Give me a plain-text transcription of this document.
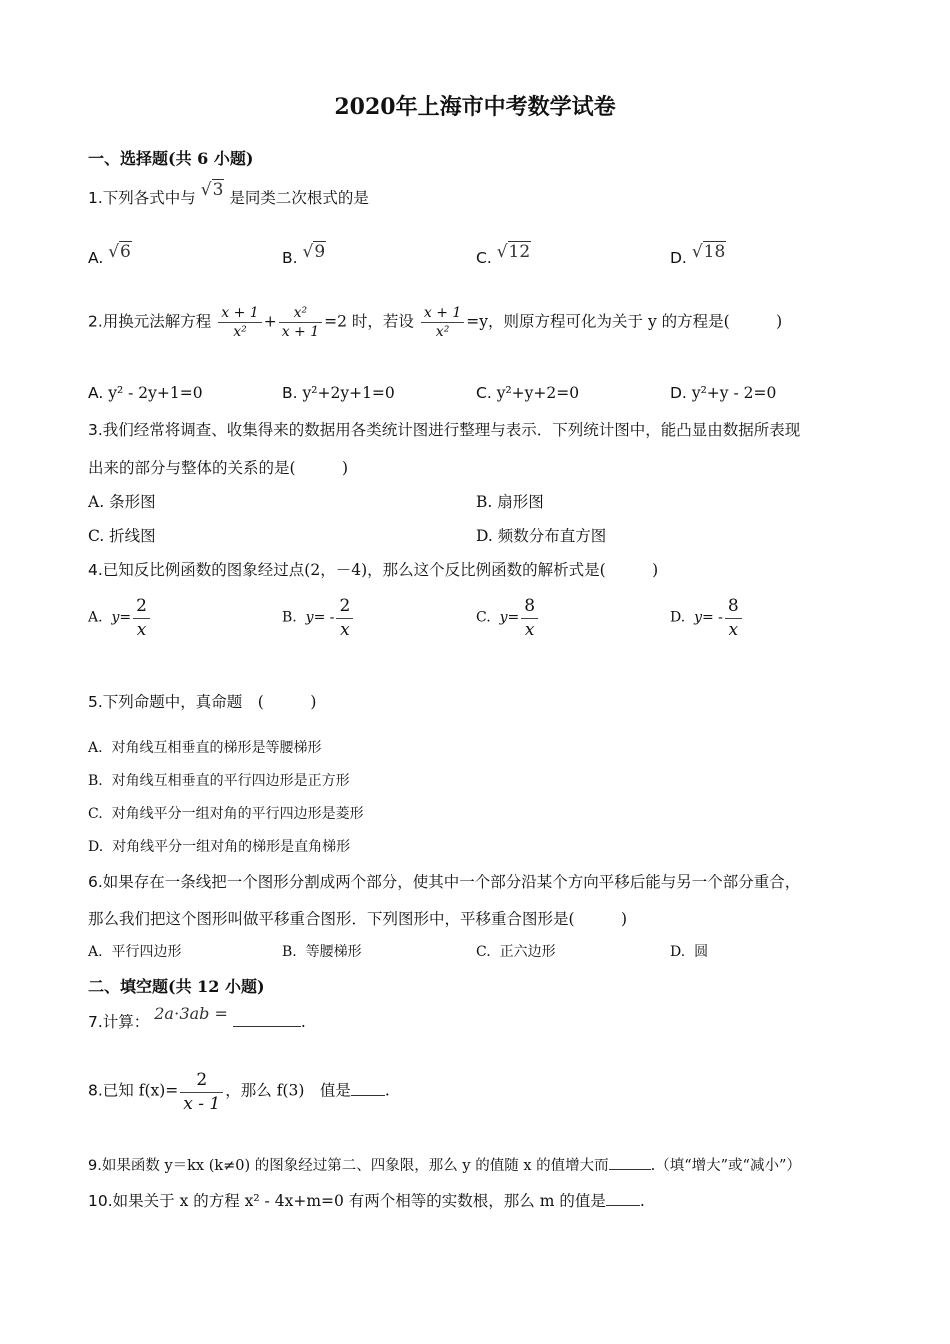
2020年上海市中考数学试卷
一、选择题(共 6 小题)
1.下列各式中与 √3 是同类二次根式的是
A. √6	B. √9	C. √12	D. √18
2.用换元法解方程 $\frac{x + 1}{\text{x²}} + \frac{\text{x²}}{x + 1} =2$ 时，若设 $\frac{x + 1}{\text{x²}} =y$，则原方程可化为关于 y 的方程是(　　　)
A. y² - 2y+1=0	B. y²+2y+1=0	C. y²+y+2=0	D. y²+y - 2=0
3.我们经常将调查、收集得来的数据用各类统计图进行整理与表示．下列统计图中，能凸显由数据所表现
出来的部分与整体的关系的是(　　　)
A. 条形图	B. 扇形图
C. 折线图	D. 频数分布直方图
4.已知反比例函数的图象经过点(2，－4)，那么这个反比例函数的解析式是(　　　)
A. $y= \frac{2}{x}$	B. $y= - \frac{2}{x}$	C. $y= \frac{8}{x}$	D. $y= - \frac{8}{x}$
5.下列命题中，真命题　(　　　)
A. 对角线互相垂直的梯形是等腰梯形
B. 对角线互相垂直的平行四边形是正方形
C. 对角线平分一组对角的平行四边形是菱形
D. 对角线平分一组对角的梯形是直角梯形
6.如果存在一条线把一个图形分割成两个部分，使其中一个部分沿某个方向平移后能与另一个部分重合，
那么我们把这个图形叫做平移重合图形．下列图形中，平移重合图形是(　　　)
A. 平行四边形	B. 等腰梯形	C. 正六边形	D. 圆
二、填空题(共 12 小题)
7.计算： 2a⋅3ab =	.
8.已知 $f(x)= \frac{2}{x - 1}$ ，那么 f(3)　值是 .
9.如果函数 y＝kx (k≠0) 的图象经过第二、四象限，那么 y 的值随 x 的值增大而	.（填“增大”或“减小”）
10.如果关于 x 的方程 x² - 4x+m=0 有两个相等的实数根，那么 m 的值是 .
